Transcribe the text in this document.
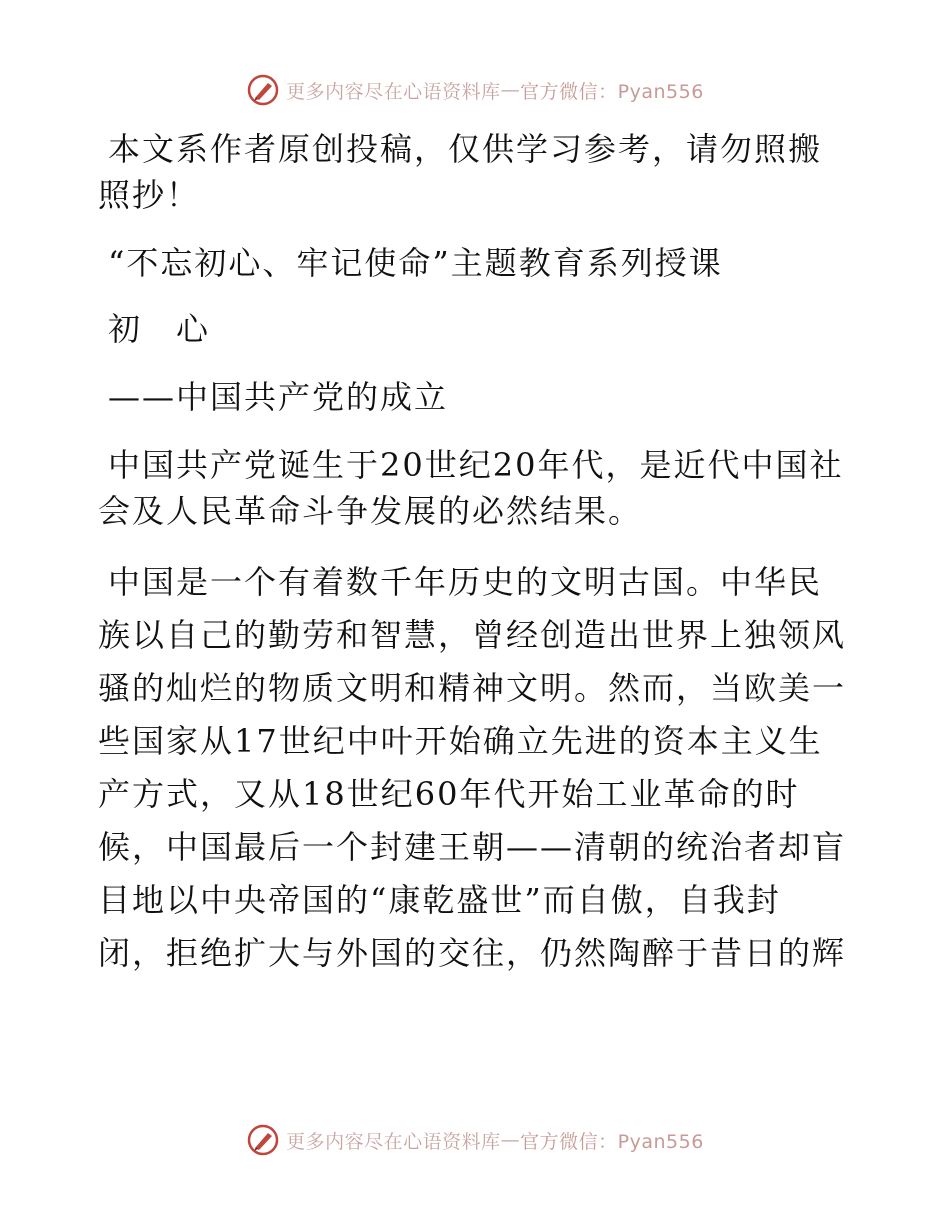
更多内容尽在心语资料库 — 官方微信：Pyan556

本文系作者原创投稿，仅供学习参考，请勿照搬
照抄！

“不忘初心、牢记使命”主题教育系列授课

初　心

——中国共产党的成立

中国共产党诞生于20世纪20年代，是近代中国社
会及人民革命斗争发展的必然结果。

中国是一个有着数千年历史的文明古国。中华民
族以自己的勤劳和智慧，曾经创造出世界上独领风
骚的灿烂的物质文明和精神文明。然而，当欧美一
些国家从17世纪中叶开始确立先进的资本主义生
产方式，又从18世纪60年代开始工业革命的时
候，中国最后一个封建王朝——清朝的统治者却盲
目地以中央帝国的“康乾盛世”而自傲，自我封
闭，拒绝扩大与外国的交往，仍然陶醉于昔日的辉

更多内容尽在心语资料库 — 官方微信：Pyan556
